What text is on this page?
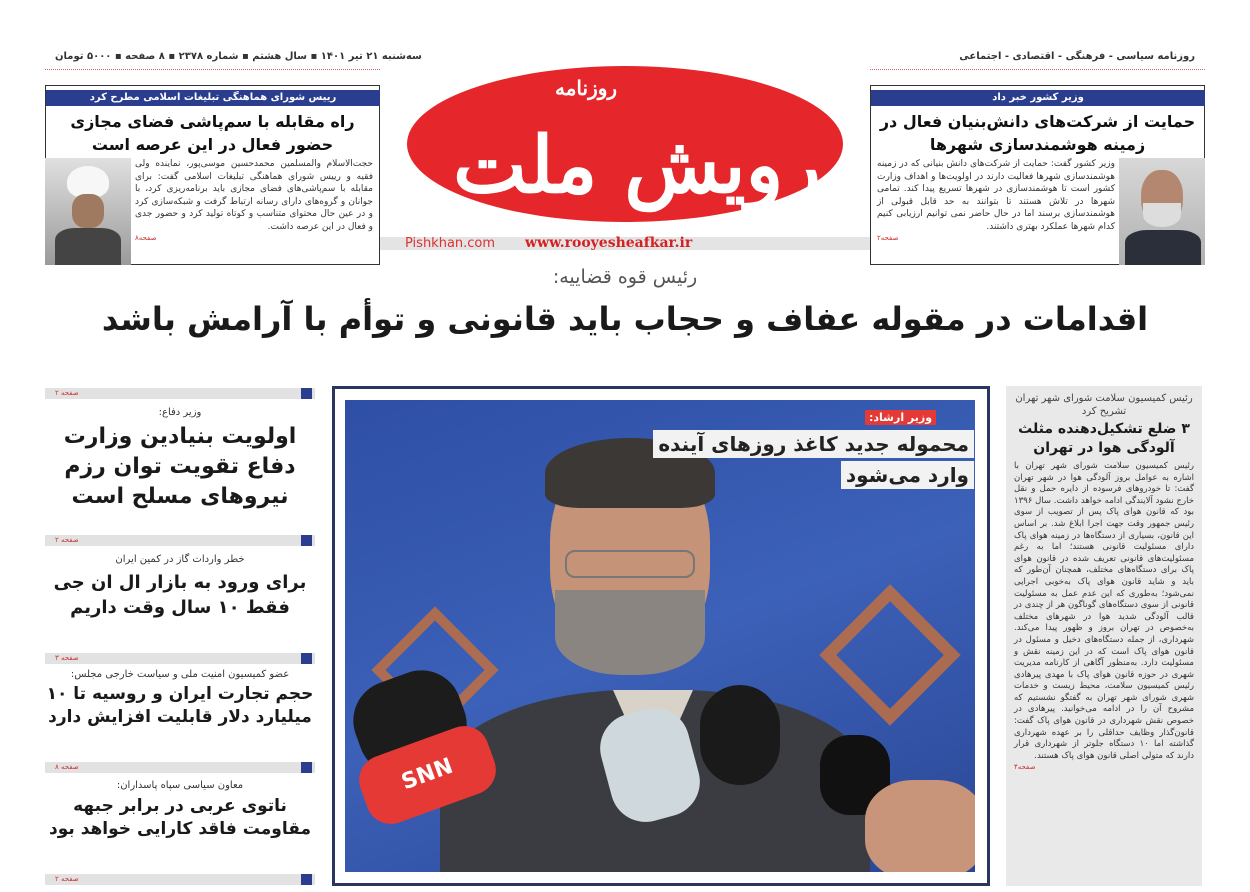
روزنامه سیاسی - فرهنگی - اقتصادی - اجتماعی
سه‌شنبه ۲۱ تیر ۱۴۰۱ ▪ سال هشتم ▪ شماره ۲۳۷۸ ▪ ۸ صفحه ▪ ۵۰۰۰ تومان
رویش ملت
روزنامه
www.rooyesheafkar.ir
Pishkhan.com
رییس شورای هماهنگی تبلیغات اسلامی مطرح کرد
راه مقابله با سم‌پاشی فضای مجازی حضور فعال در این عرصه است
حجت‌الاسلام والمسلمین محمدحسین موسی‌پور، نماینده ولی فقیه و رییس شورای هماهنگی تبلیغات اسلامی گفت: برای مقابله با سم‌پاشی‌های فضای مجازی باید برنامه‌ریزی کرد، با جوانان و گروه‌های دارای رسانه ارتباط گرفت و شبکه‌سازی کرد و در عین حال محتوای متناسب و کوتاه تولید کرد و حضور جدی و فعال در این عرصه داشت.
صفحه۸
وزیر کشور خبر داد
حمایت از شرکت‌های دانش‌بنیان فعال در زمینه هوشمندسازی شهرها
وزیر کشور گفت: حمایت از شرکت‌های دانش بنیانی که در زمینه هوشمندسازی شهرها فعالیت دارند در اولویت‌ها و اهداف وزارت کشور است تا هوشمندسازی در شهرها تسریع پیدا کند. تمامی شهرها در تلاش هستند تا بتوانند به حد قابل قبولی از هوشمندسازی برسند اما در حال حاضر نمی توانیم ارزیابی کنیم کدام شهرها عملکرد بهتری داشتند.
صفحه۲
رئیس قوه قضاییه:
اقدامات در مقوله عفاف و حجاب باید قانونی و توأم با آرامش باشد
صفحه ۲
وزیر دفاع:
اولویت بنیادین وزارت دفاع تقویت توان رزم نیروهای مسلح است
صفحه ۲
خطر واردات گاز در کمین ایران
برای ورود به بازار ال ان جی فقط ۱۰ سال وقت داریم
صفحه ۳
عضو کمیسیون امنیت ملی و سیاست خارجی مجلس:
حجم تجارت ایران و روسیه تا ۱۰ میلیارد دلار قابلیت افزایش دارد
صفحه ۸
معاون سیاسی سپاه پاسداران:
ناتوی عربی در برابر جبهه مقاومت فاقد کارایی خواهد بود
صفحه ۲
SNN
وزیر ارشاد:
محموله جدید کاغذ روزهای آینده
وارد می‌شود
رئیس کمیسیون سلامت شورای شهر تهران تشریح کرد
۳ ضلع تشکیل‌دهنده مثلث آلودگی هوا در تهران
رئیس کمیسیون سلامت شورای شهر تهران با اشاره به عوامل بروز آلودگی هوا در شهر تهران گفت: تا خودروهای فرسوده از دایره حمل و نقل خارج نشود آلایندگی ادامه خواهد داشت. سال ۱۳۹۶ بود که قانون هوای پاک پس از تصویب از سوی رئیس جمهور وقت جهت اجرا ابلاغ شد. بر اساس این قانون، بسیاری از دستگاه‌ها در زمینه هوای پاک دارای مسئولیت قانونی هستند؛ اما به رغم مسئولیت‌های قانونی تعریف شده در قانون هوای پاک برای دستگاه‌های مختلف، همچنان آن‌طور که باید و شاید قانون هوای پاک به‌خوبی اجرایی نمی‌شود؛ به‌طوری که این عدم عمل به مسئولیت قانونی از سوی دستگاه‌های گوناگون هر از چندی در قالب آلودگی شدید هوا در شهرهای مختلف به‌خصوص در تهران بروز و ظهور پیدا می‌کند. شهرداری، از جمله دستگاه‌های دخیل و مسئول در قانون هوای پاک است که در این زمینه نقش و مسئولیت دارد. به‌منظور آگاهی از کارنامه مدیریت شهری در حوزه قانون هوای پاک با مهدی پیرهادی رئیس کمیسیون سلامت، محیط زیست و خدمات شهری شورای شهر تهران به گفتگو نشستیم که مشروح آن را در ادامه می‌خوانید. پیرهادی در خصوص نقش شهرداری در قانون هوای پاک گفت: قانون‌گذار وظایف حداقلی را بر عهده شهرداری گذاشته اما ۱۰ دستگاه جلوتر از شهرداری قرار دارند که متولی اصلی قانون هوای پاک هستند.
صفحه۴
